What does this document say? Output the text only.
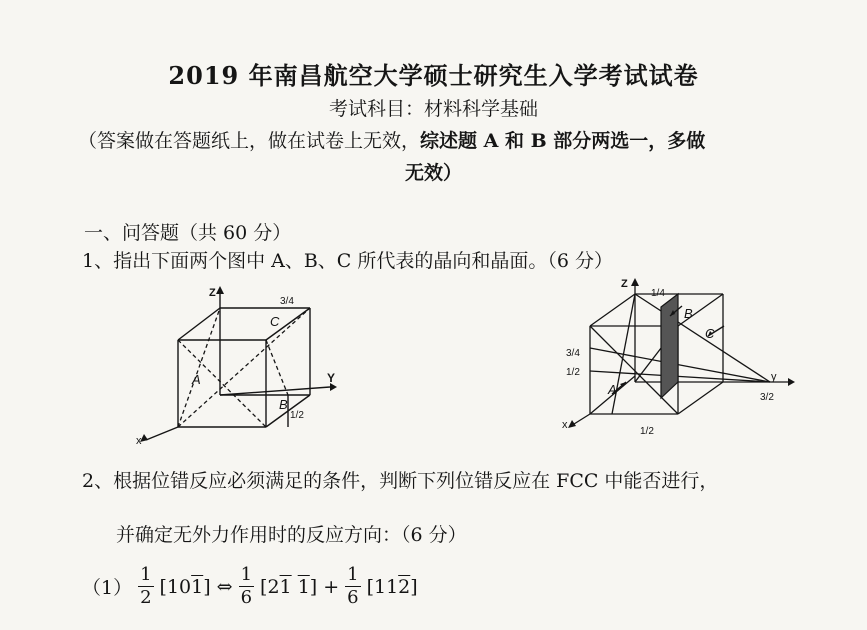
2019 年南昌航空大学硕士研究生入学考试试卷
考试科目：材料科学基础
（答案做在答题纸上，做在试卷上无效，综述题 A 和 B 部分两选一，多做
无效）
一、问答题（共 60 分）
1、指出下面两个图中 A、B、C 所代表的晶向和晶面。（6 分）
Z
Y
x
3/4
1/2
A
B
C
Z
y
x
1/4
3/4
1/2
3/2
1/2
A
B
C
2、根据位错反应必须满足的条件，判断下列位错反应在 FCC 中能否进行，
并确定无外力作用时的反应方向：（6 分）
$(1) \frac{1}{2} [101]$ ⇔ $\frac{1}{6} [21$ $1] + \frac{1}{6} [112]$
